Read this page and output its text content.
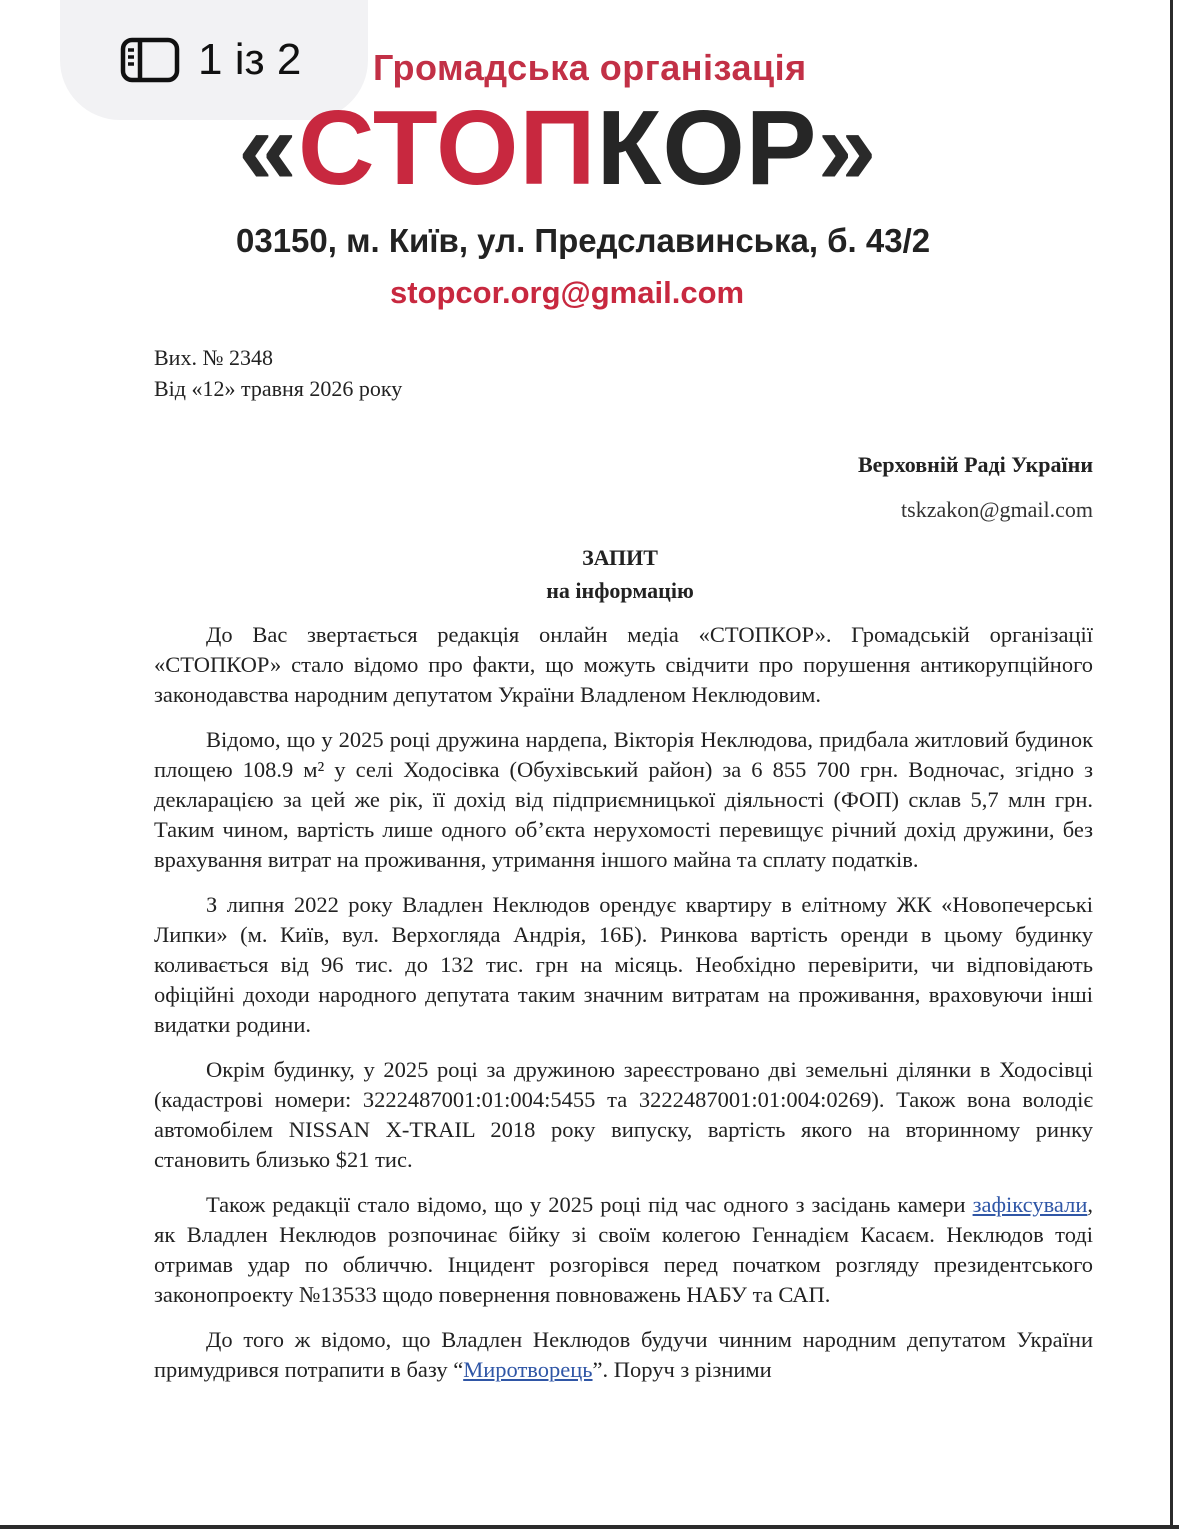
1 із 2 Громадська організація
«СТОПКОР»
03150, м. Київ, ул. Предславинська, б. 43/2
stopcor.org@gmail.com
Вих. № 2348
Від «12» травня 2026 року
Верховній Раді України
tskzakon@gmail.com
ЗАПИТ
на інформацію

До Вас звертається редакція онлайн медіа «СТОПКОР». Громадській організації «СТОПКОР» стало відомо про факти, що можуть свідчити про порушення антикорупційного законодавства народним депутатом України Владленом Неклюдовим.

Відомо, що у 2025 році дружина нардепа, Вікторія Неклюдова, придбала житловий будинок площею 108.9 м² у селі Ходосівка (Обухівський район) за 6 855 700 грн. Водночас, згідно з декларацією за цей же рік, її дохід від підприємницької діяльності (ФОП) склав 5,7 млн грн. Таким чином, вартість лише одного об’єкта нерухомості перевищує річний дохід дружини, без врахування витрат на проживання, утримання іншого майна та сплату податків.

З липня 2022 року Владлен Неклюдов орендує квартиру в елітному ЖК «Новопечерські Липки» (м. Київ, вул. Верхогляда Андрія, 16Б). Ринкова вартість оренди в цьому будинку коливається від 96 тис. до 132 тис. грн на місяць. Необхідно перевірити, чи відповідають офіційні доходи народного депутата таким значним витратам на проживання, враховуючи інші видатки родини.

Окрім будинку, у 2025 році за дружиною зареєстровано дві земельні ділянки в Ходосівці (кадастрові номери: 3222487001:01:004:5455 та 3222487001:01:004:0269). Також вона володіє автомобілем NISSAN X-TRAIL 2018 року випуску, вартість якого на вторинному ринку становить близько $21 тис.

Також редакції стало відомо, що у 2025 році під час одного з засідань камери зафіксували, як Владлен Неклюдов розпочинає бійку зі своїм колегою Геннадієм Касаєм. Неклюдов тоді отримав удар по обличчю. Інцидент розгорівся перед початком розгляду президентського законопроекту №13533 щодо повернення повноважень НАБУ та САП.

До того ж відомо, що Владлен Неклюдов будучи чинним народним депутатом України примудрився потрапити в базу “Миротворець”. Поруч з різними
